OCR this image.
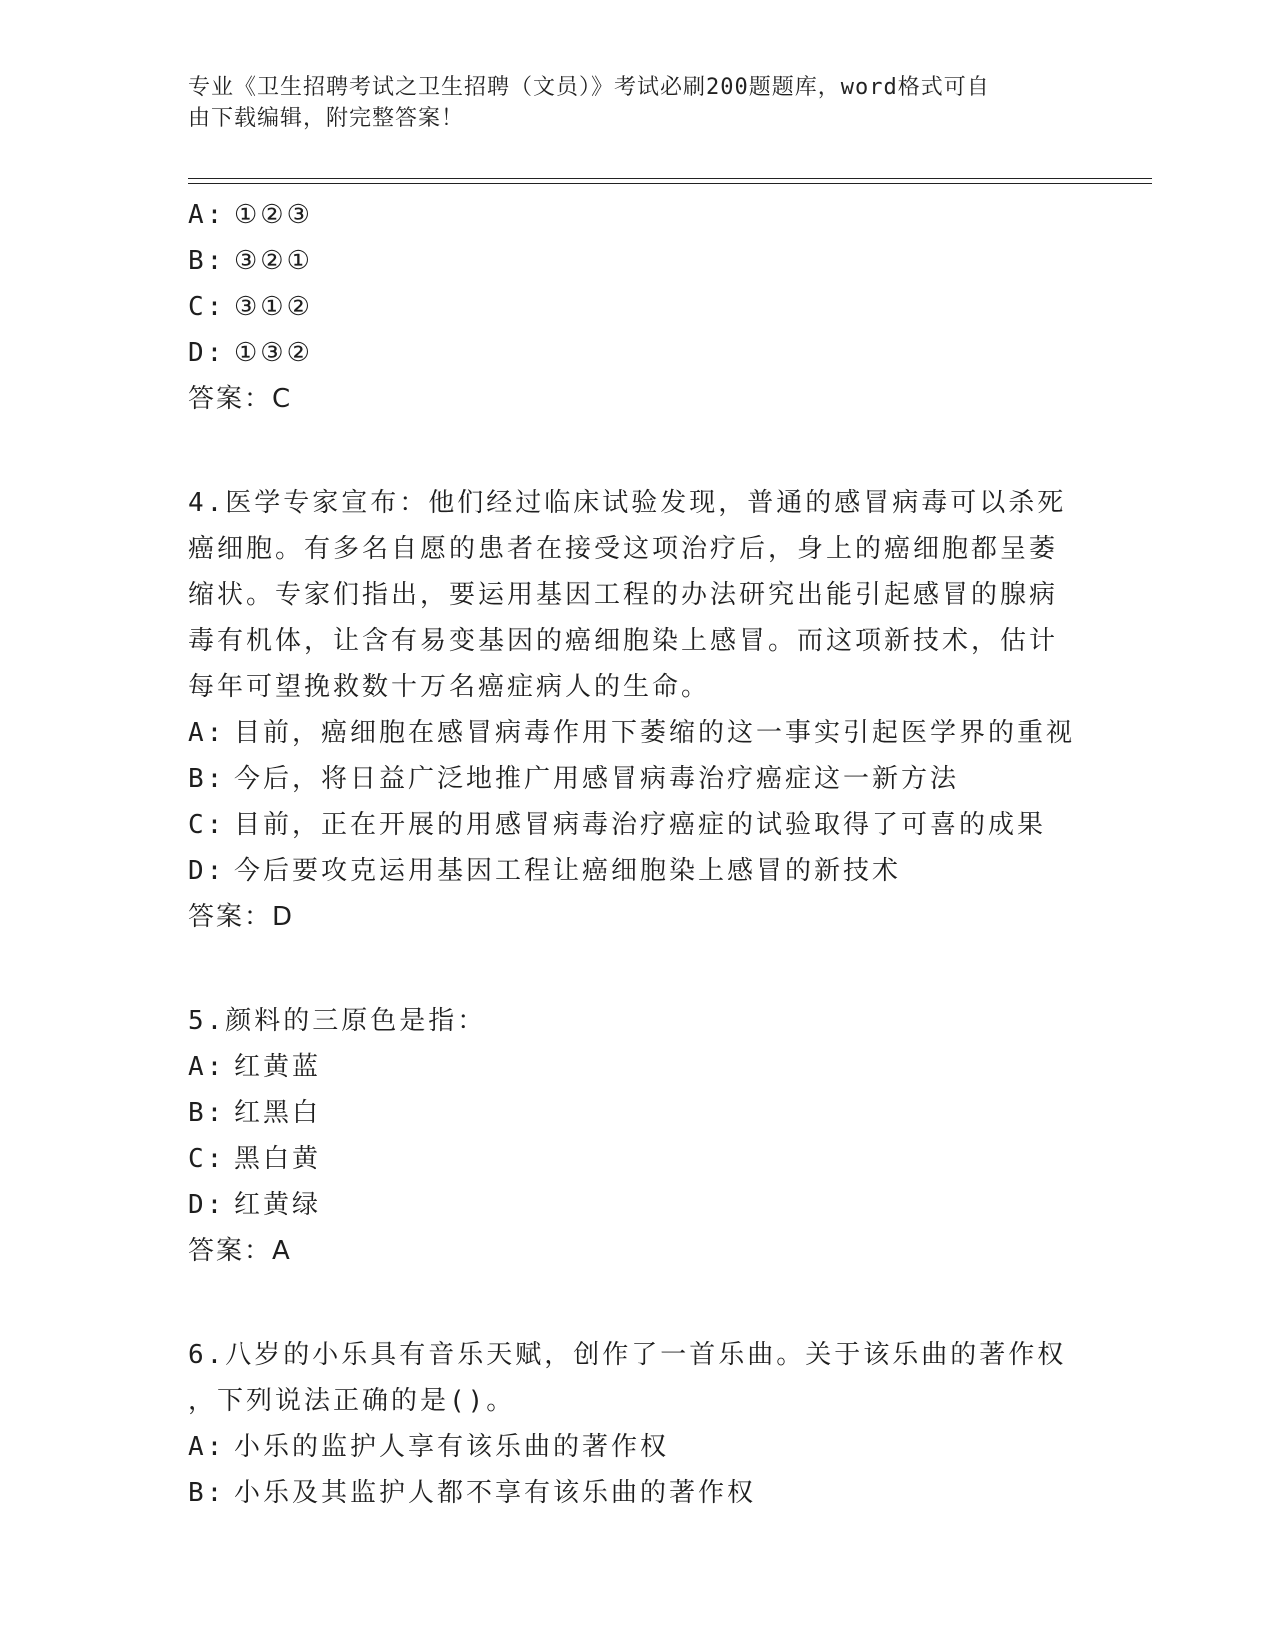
专业《卫生招聘考试之卫生招聘（文员）》考试必刷200题题库，word格式可自
由下载编辑，附完整答案！
A: ①②③
B: ③②①
C: ③①②
D: ①③②
答案：C
4.医学专家宣布：他们经过临床试验发现，普通的感冒病毒可以杀死
癌细胞。有多名自愿的患者在接受这项治疗后，身上的癌细胞都呈萎
缩状。专家们指出，要运用基因工程的办法研究出能引起感冒的腺病
毒有机体，让含有易变基因的癌细胞染上感冒。而这项新技术，估计
每年可望挽救数十万名癌症病人的生命。
A: 目前，癌细胞在感冒病毒作用下萎缩的这一事实引起医学界的重视
B: 今后，将日益广泛地推广用感冒病毒治疗癌症这一新方法
C: 目前，正在开展的用感冒病毒治疗癌症的试验取得了可喜的成果
D: 今后要攻克运用基因工程让癌细胞染上感冒的新技术
答案：D
5.颜料的三原色是指：
A: 红黄蓝
B: 红黑白
C: 黑白黄
D: 红黄绿
答案：A
6.八岁的小乐具有音乐天赋，创作了一首乐曲。关于该乐曲的著作权
，下列说法正确的是()。
A: 小乐的监护人享有该乐曲的著作权
B: 小乐及其监护人都不享有该乐曲的著作权
